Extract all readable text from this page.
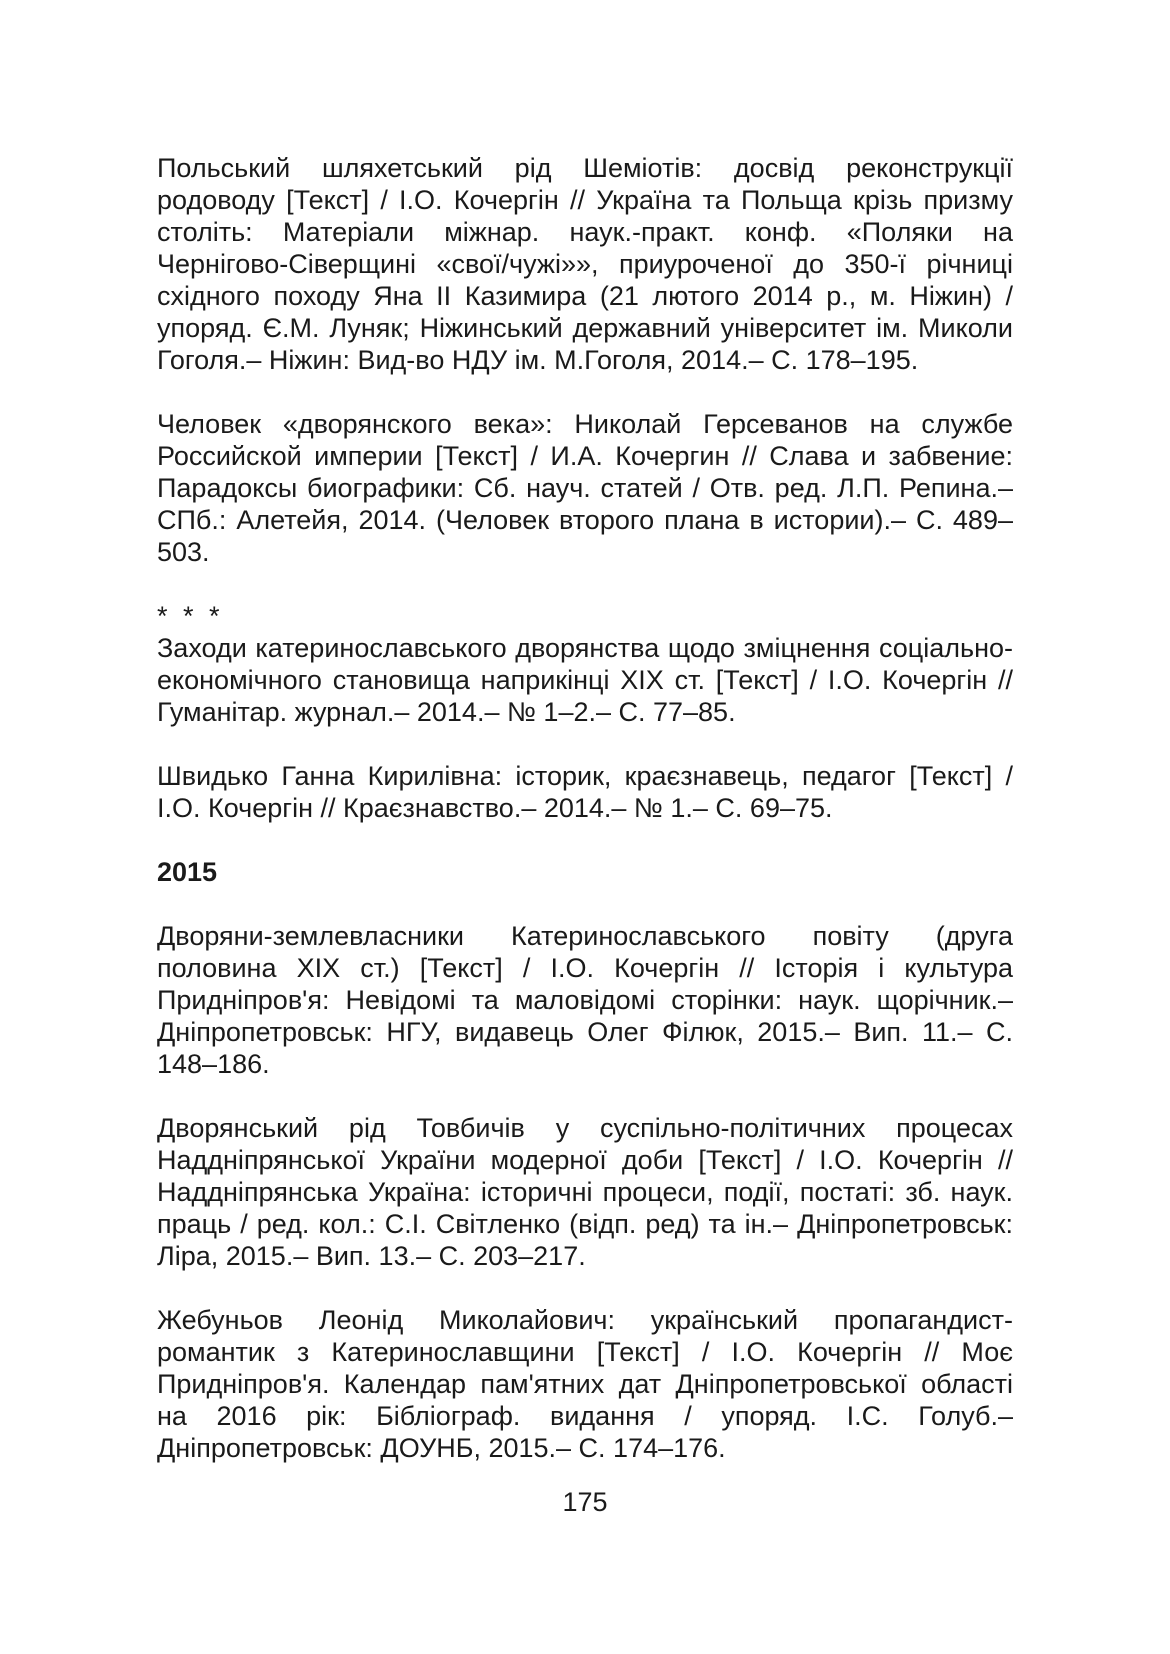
Польський шляхетський рід Шеміотів: досвід реконструкції родоводу [Текст] / І.О. Кочергін // Україна та Польща крізь призму століть: Матеріали міжнар. наук.-практ. конф. «Поляки на Чернігово-Сіверщині «свої/чужі»», приуроченої до 350-ї річниці східного походу Яна ІІ Казимира (21 лютого 2014 р., м. Ніжин) / упоряд. Є.М. Луняк; Ніжинський державний університет ім. Миколи Гоголя.– Ніжин: Вид-во НДУ ім. М.Гоголя, 2014.– С. 178–195.

Человек «дворянского века»: Николай Герсеванов на службе Российской империи [Текст] / И.А. Кочергин // Слава и забвение: Парадоксы биографики: Сб. науч. статей / Отв. ред. Л.П. Репина.– СПб.: Алетейя, 2014. (Человек второго плана в истории).– С. 489–503.

* * *

Заходи катеринославського дворянства щодо зміцнення соціально-економічного становища наприкінці ХІХ ст. [Текст] / І.О. Кочергін // Гуманітар. журнал.– 2014.– № 1–2.– С. 77–85.

Швидько Ганна Кирилівна: історик, краєзнавець, педагог [Текст] / І.О. Кочергін // Краєзнавство.– 2014.– № 1.– С. 69–75.

2015

Дворяни-землевласники Катеринославського повіту (друга половина ХІХ ст.) [Текст] / І.О. Кочергін // Історія і культура Придніпров'я: Невідомі та маловідомі сторінки: наук. щорічник.– Дніпропетровськ: НГУ, видавець Олег Філюк, 2015.– Вип. 11.– С. 148–186.

Дворянський рід Товбичів у суспільно-політичних процесах Наддніпрянської України модерної доби [Текст] / І.О. Кочергін // Наддніпрянська Україна: історичні процеси, події, постаті: зб. наук. праць / ред. кол.: С.І. Світленко (відп. ред) та ін.– Дніпропетровськ: Ліра, 2015.– Вип. 13.– С. 203–217.

Жебуньов Леонід Миколайович: український пропагандист-романтик з Катеринославщини [Текст] / І.О. Кочергін // Моє Придніпров'я. Календар пам'ятних дат Дніпропетровської області на 2016 рік: Бібліограф. видання / упоряд. І.С. Голуб.– Дніпропетровськ: ДОУНБ, 2015.– С. 174–176.

175
